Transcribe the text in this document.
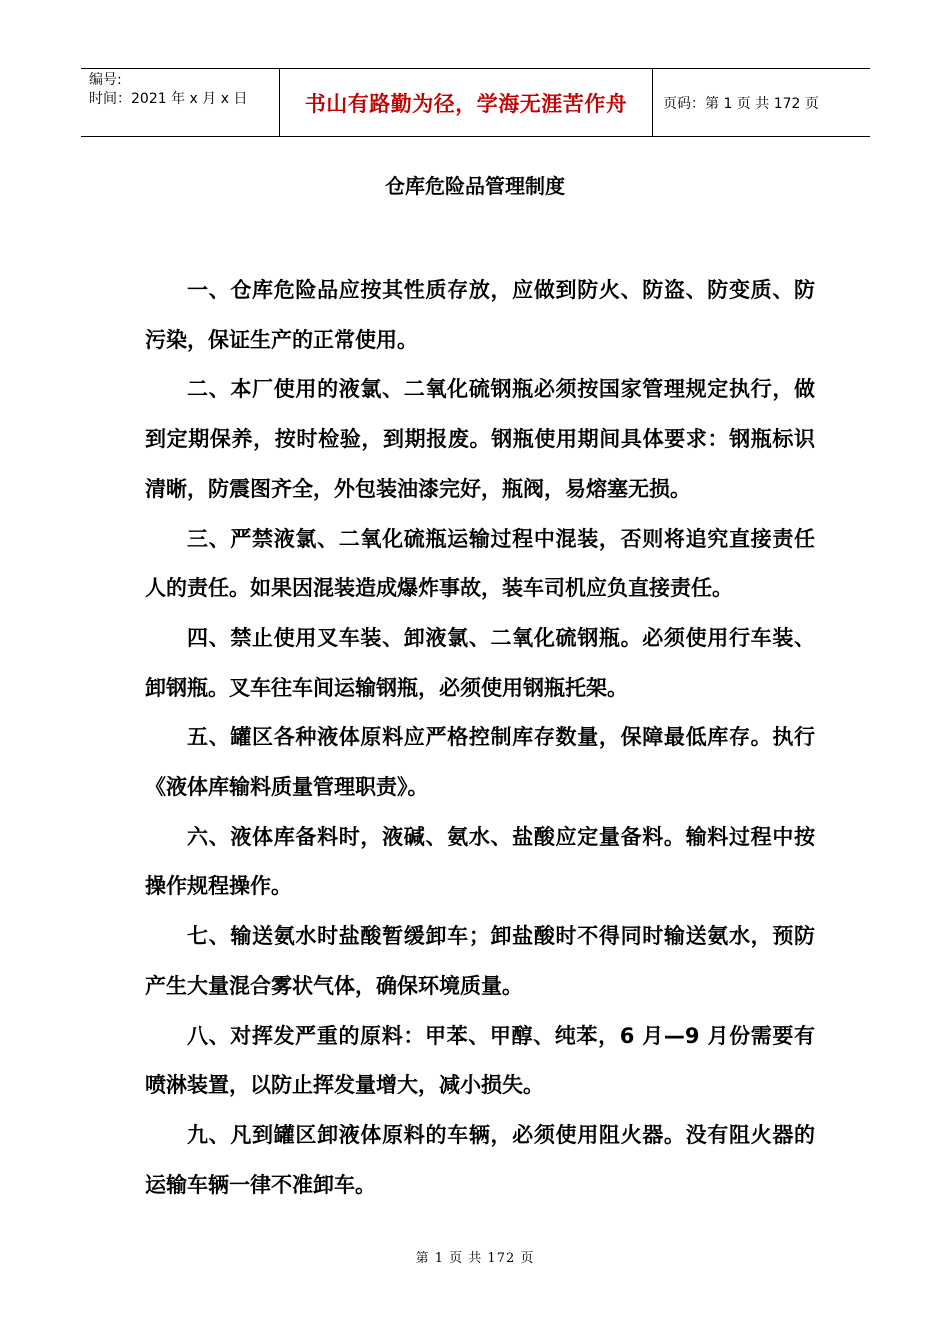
编号:
时间：2021 年 x 月 x 日	书山有路勤为径，学海无涯苦作舟	页码：第 1 页 共 172 页
仓库危险品管理制度

一、仓库危险品应按其性质存放，应做到防火、防盗、防变质、防污染，保证生产的正常使用。

二、本厂使用的液氯、二氧化硫钢瓶必须按国家管理规定执行，做到定期保养，按时检验，到期报废。钢瓶使用期间具体要求：钢瓶标识清晰，防震图齐全，外包装油漆完好，瓶阀，易熔塞无损。

三、严禁液氯、二氧化硫瓶运输过程中混装，否则将追究直接责任人的责任。如果因混装造成爆炸事故，装车司机应负直接责任。

四、禁止使用叉车装、卸液氯、二氧化硫钢瓶。必须使用行车装、卸钢瓶。叉车往车间运输钢瓶，必须使用钢瓶托架。

五、罐区各种液体原料应严格控制库存数量，保障最低库存。执行《液体库输料质量管理职责》。

六、液体库备料时，液碱、氨水、盐酸应定量备料。输料过程中按操作规程操作。

七、输送氨水时盐酸暂缓卸车；卸盐酸时不得同时输送氨水，预防产生大量混合雾状气体，确保环境质量。

八、对挥发严重的原料：甲苯、甲醇、纯苯，6 月—9 月份需要有喷淋装置，以防止挥发量增大，减小损失。

九、凡到罐区卸液体原料的车辆，必须使用阻火器。没有阻火器的运输车辆一律不准卸车。

第 1 页 共 172 页
